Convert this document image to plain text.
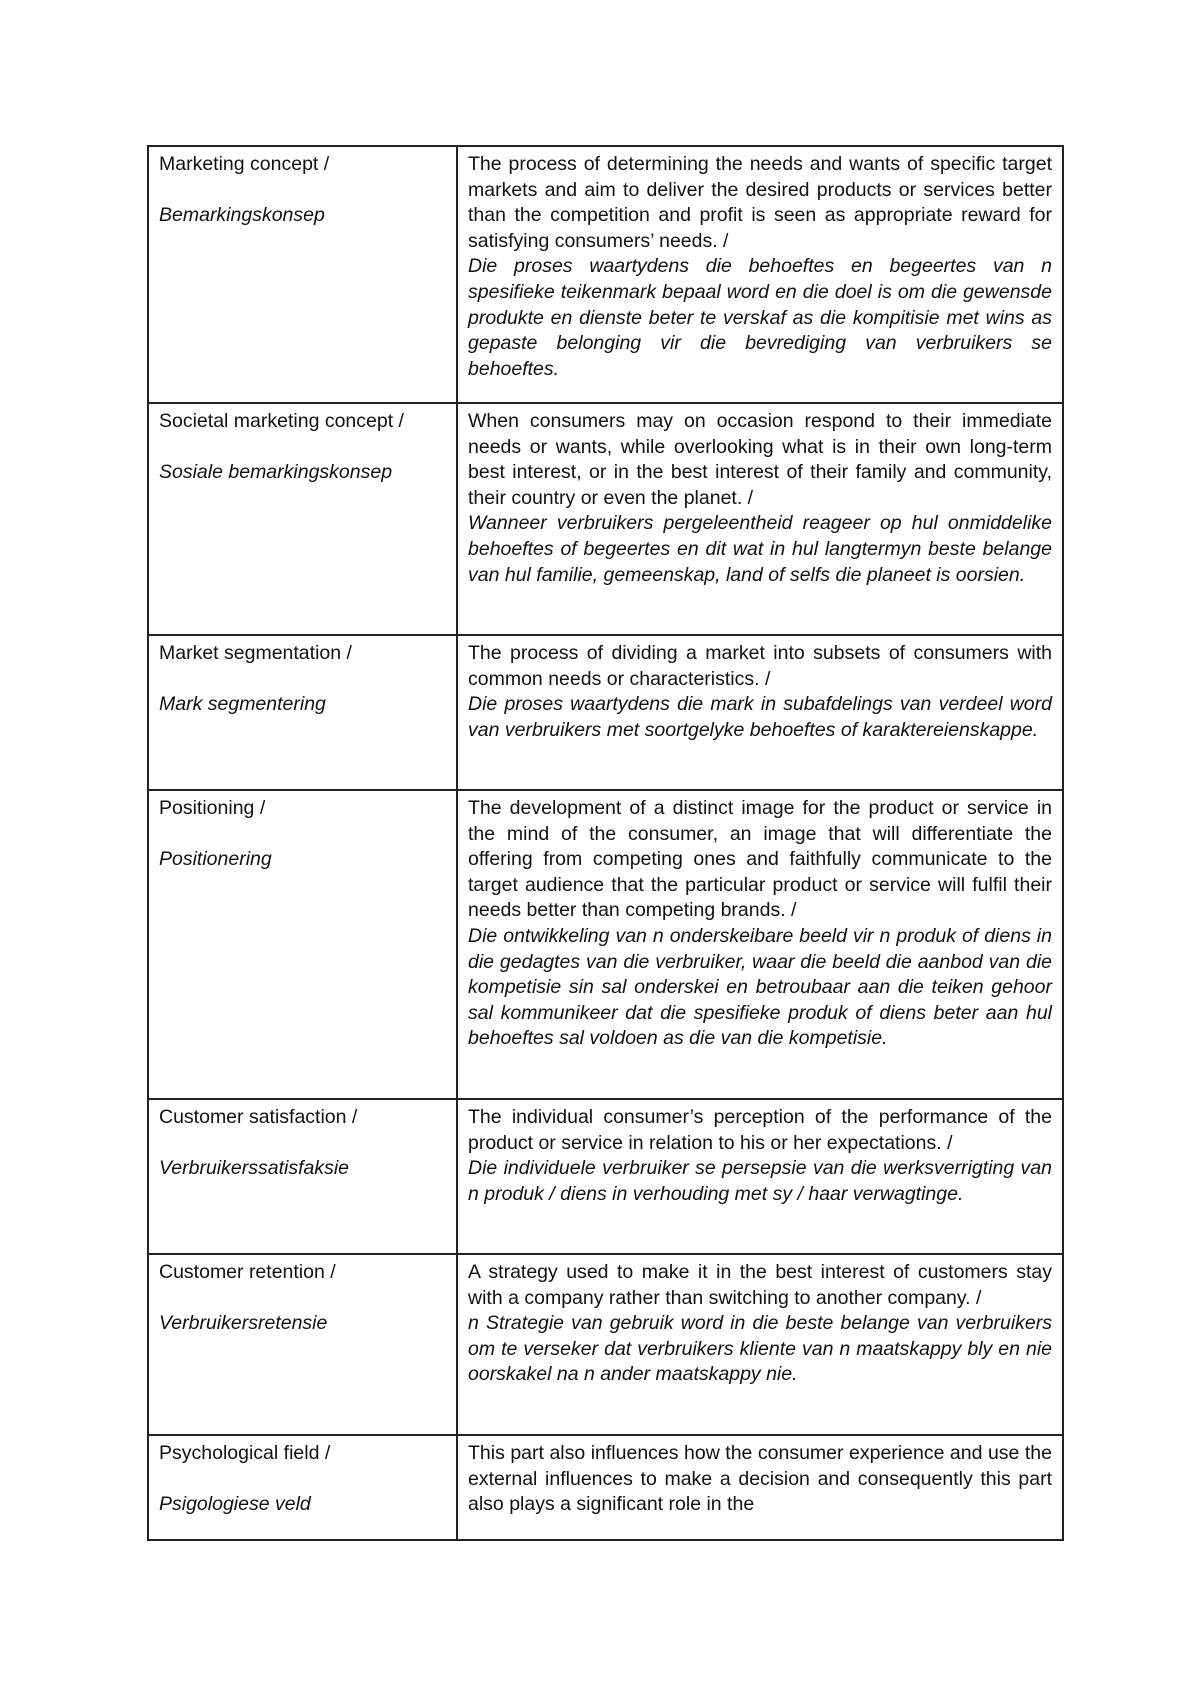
Marketing concept /
Bemarkingskonsep	The process of determining the needs and wants of specific target markets and aim to deliver the desired products or services better than the competition and profit is seen as appropriate reward for satisfying consumers’ needs. /
Die proses waartydens die behoeftes en begeertes van n spesifieke teikenmark bepaal word en die doel is om die gewensde produkte en dienste beter te verskaf as die kompitisie met wins as gepaste belonging vir die bevrediging van verbruikers se behoeftes.

Societal marketing concept /
Sosiale bemarkingskonsep	When consumers may on occasion respond to their immediate needs or wants, while overlooking what is in their own long-term best interest, or in the best interest of their family and community, their country or even the planet. /
Wanneer verbruikers pergeleentheid reageer op hul onmiddelike behoeftes of begeertes en dit wat in hul langtermyn beste belange van hul familie, gemeenskap, land of selfs die planeet is oorsien.

Market segmentation /
Mark segmentering	The process of dividing a market into subsets of consumers with common needs or characteristics. /
Die proses waartydens die mark in subafdelings van verdeel word van verbruikers met soortgelyke behoeftes of karaktereienskappe.

Positioning /
Positionering	The development of a distinct image for the product or service in the mind of the consumer, an image that will differentiate the offering from competing ones and faithfully communicate to the target audience that the particular product or service will fulfil their needs better than competing brands. /
Die ontwikkeling van n onderskeibare beeld vir n produk of diens in die gedagtes van die verbruiker, waar die beeld die aanbod van die kompetisie sin sal onderskei en betroubaar aan die teiken gehoor sal kommunikeer dat die spesifieke produk of diens beter aan hul behoeftes sal voldoen as die van die kompetisie.

Customer satisfaction /
Verbruikerssatisfaksie	The individual consumer’s perception of the performance of the product or service in relation to his or her expectations. /
Die individuele verbruiker se persepsie van die werksverrigting van n produk / diens in verhouding met sy / haar verwagtinge.

Customer retention /
Verbruikersretensie	A strategy used to make it in the best interest of customers stay with a company rather than switching to another company. /
n Strategie van gebruik word in die beste belange van verbruikers om te verseker dat verbruikers kliente van n maatskappy bly en nie oorskakel na n ander maatskappy nie.

Psychological field /
Psigologiese veld	This part also influences how the consumer experience and use the external influences to make a decision and consequently this part also plays a significant role in the
